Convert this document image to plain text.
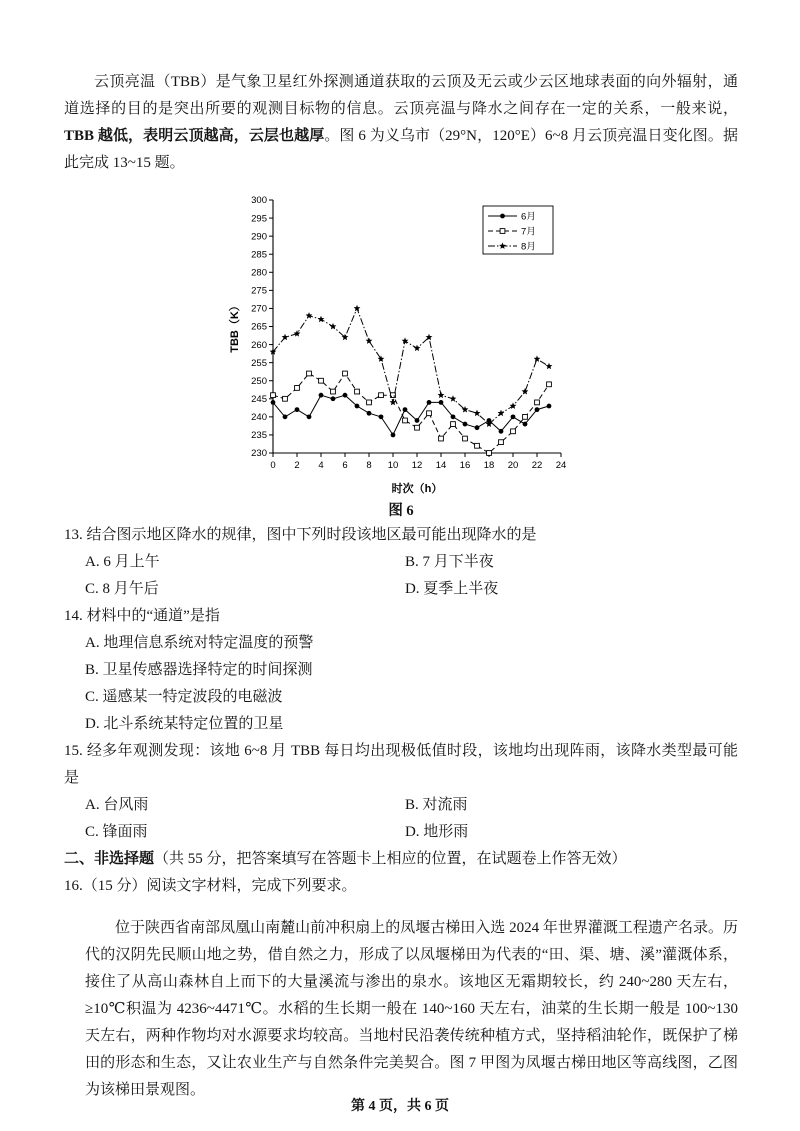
云顶亮温（TBB）是气象卫星红外探测通道获取的云顶及无云或少云区地球表面的向外辐射，通道选择的目的是突出所要的观测目标物的信息。云顶亮温与降水之间存在一定的关系，一般来说，TBB 越低，表明云顶越高，云层也越厚。图 6 为义乌市（29°N，120°E）6~8 月云顶亮温日变化图。据此完成 13~15 题。

230
235
240
245
250
255
260
265
270
275
280
285
290
295
300
0 2 4 6 8 10 12 14 16 18 20 22 24
时次（h）
TBB（K）
6月
7月
8月
图 6
13. 结合图示地区降水的规律，图中下列时段该地区最可能出现降水的是
A. 6 月上午	B. 7 月下半夜
C. 8 月午后	D. 夏季上半夜
14. 材料中的“通道”是指
A. 地理信息系统对特定温度的预警
B. 卫星传感器选择特定的时间探测
C. 遥感某一特定波段的电磁波
D. 北斗系统某特定位置的卫星
15. 经多年观测发现：该地 6~8 月 TBB 每日均出现极低值时段，该地均出现阵雨，该降水类型最可能是
A. 台风雨	B. 对流雨
C. 锋面雨	D. 地形雨
二、非选择题（共 55 分，把答案填写在答题卡上相应的位置，在试题卷上作答无效）
16.（15 分）阅读文字材料，完成下列要求。

位于陕西省南部凤凰山南麓山前冲积扇上的凤堰古梯田入选 2024 年世界灌溉工程遗产名录。历代的汉阴先民顺山地之势，借自然之力，形成了以凤堰梯田为代表的“田、渠、塘、溪”灌溉体系，接住了从高山森林自上而下的大量溪流与渗出的泉水。该地区无霜期较长，约 240~280 天左右，≥10℃积温为 4236~4471℃。水稻的生长期一般在 140~160 天左右，油菜的生长期一般是 100~130 天左右，两种作物均对水源要求均较高。当地村民沿袭传统种植方式，坚持稻油轮作，既保护了梯田的形态和生态，又让农业生产与自然条件完美契合。图 7 甲图为凤堰古梯田地区等高线图，乙图为该梯田景观图。

第 4 页，共 6 页
